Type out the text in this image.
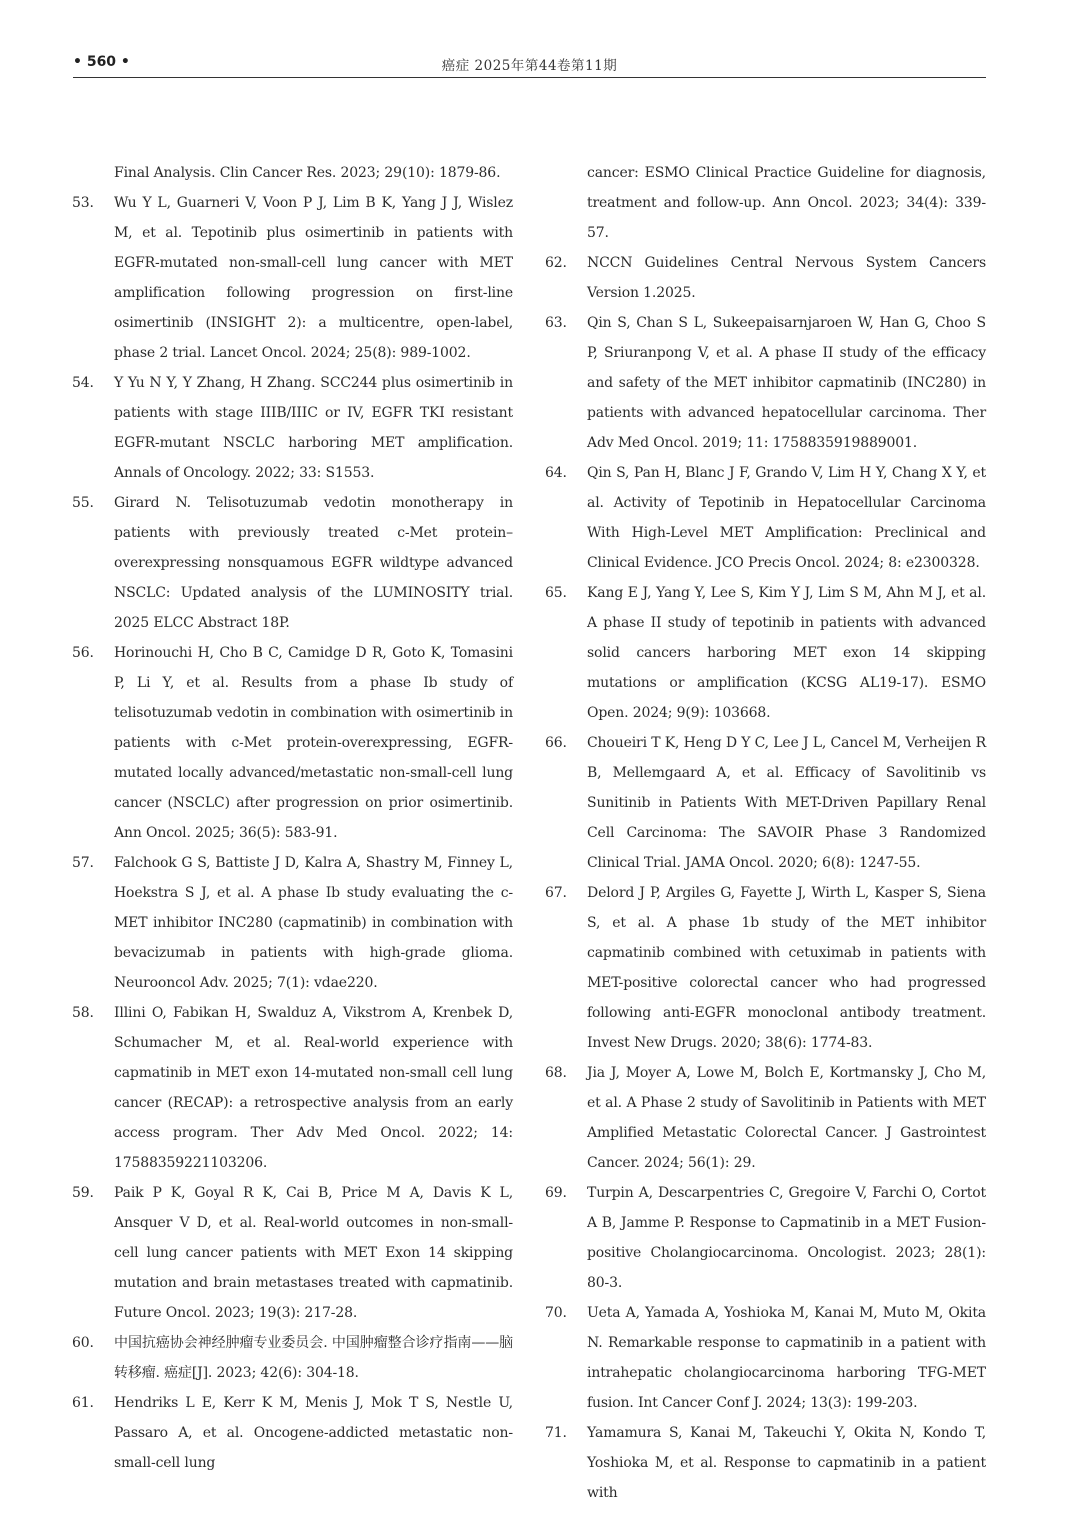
• 560 •	癌症 2025年第44卷第11期
Final Analysis. Clin Cancer Res. 2023; 29(10): 1879-86.
53.	Wu Y L, Guarneri V, Voon P J, Lim B K, Yang J J, Wislez M, et al. Tepotinib plus osimertinib in patients with EGFR-mutated non-small-cell lung cancer with MET amplification following progression on first-line osimertinib (INSIGHT 2): a multicentre, open-label, phase 2 trial. Lancet Oncol. 2024; 25(8): 989-1002.
54.	Y Yu N Y, Y Zhang, H Zhang. SCC244 plus osimertinib in patients with stage IIIB/IIIC or IV, EGFR TKI resistant EGFR-mutant NSCLC harboring MET amplification. Annals of Oncology. 2022; 33: S1553.
55.	Girard N. Telisotuzumab vedotin monotherapy in patients with previously treated c-Met protein–overexpressing nonsquamous EGFR wildtype advanced NSCLC: Updated analysis of the LUMINOSITY trial. 2025 ELCC Abstract 18P.
56.	Horinouchi H, Cho B C, Camidge D R, Goto K, Tomasini P, Li Y, et al. Results from a phase Ib study of telisotuzumab vedotin in combination with osimertinib in patients with c-Met protein-overexpressing, EGFR-mutated locally advanced/metastatic non-small-cell lung cancer (NSCLC) after progression on prior osimertinib. Ann Oncol. 2025; 36(5): 583-91.
57.	Falchook G S, Battiste J D, Kalra A, Shastry M, Finney L, Hoekstra S J, et al. A phase Ib study evaluating the c-MET inhibitor INC280 (capmatinib) in combination with bevacizumab in patients with high-grade glioma. Neurooncol Adv. 2025; 7(1): vdae220.
58.	Illini O, Fabikan H, Swalduz A, Vikstrom A, Krenbek D, Schumacher M, et al. Real-world experience with capmatinib in MET exon 14-mutated non-small cell lung cancer (RECAP): a retrospective analysis from an early access program. Ther Adv Med Oncol. 2022; 14: 17588359221103206.
59.	Paik P K, Goyal R K, Cai B, Price M A, Davis K L, Ansquer V D, et al. Real-world outcomes in non-small-cell lung cancer patients with MET Exon 14 skipping mutation and brain metastases treated with capmatinib. Future Oncol. 2023; 19(3): 217-28.
60.	中国抗癌协会神经肿瘤专业委员会. 中国肿瘤整合诊疗指南——脑转移瘤. 癌症[J]. 2023; 42(6): 304-18.
61.	Hendriks L E, Kerr K M, Menis J, Mok T S, Nestle U, Passaro A, et al. Oncogene-addicted metastatic non-small-cell lung
cancer: ESMO Clinical Practice Guideline for diagnosis, treatment and follow-up. Ann Oncol. 2023; 34(4): 339-57.
62.	NCCN Guidelines Central Nervous System Cancers Version 1.2025.
63.	Qin S, Chan S L, Sukeepaisarnjaroen W, Han G, Choo S P, Sriuranpong V, et al. A phase II study of the efficacy and safety of the MET inhibitor capmatinib (INC280) in patients with advanced hepatocellular carcinoma. Ther Adv Med Oncol. 2019; 11: 1758835919889001.
64.	Qin S, Pan H, Blanc J F, Grando V, Lim H Y, Chang X Y, et al. Activity of Tepotinib in Hepatocellular Carcinoma With High-Level MET Amplification: Preclinical and Clinical Evidence. JCO Precis Oncol. 2024; 8: e2300328.
65.	Kang E J, Yang Y, Lee S, Kim Y J, Lim S M, Ahn M J, et al. A phase II study of tepotinib in patients with advanced solid cancers harboring MET exon 14 skipping mutations or amplification (KCSG AL19-17). ESMO Open. 2024; 9(9): 103668.
66.	Choueiri T K, Heng D Y C, Lee J L, Cancel M, Verheijen R B, Mellemgaard A, et al. Efficacy of Savolitinib vs Sunitinib in Patients With MET-Driven Papillary Renal Cell Carcinoma: The SAVOIR Phase 3 Randomized Clinical Trial. JAMA Oncol. 2020; 6(8): 1247-55.
67.	Delord J P, Argiles G, Fayette J, Wirth L, Kasper S, Siena S, et al. A phase 1b study of the MET inhibitor capmatinib combined with cetuximab in patients with MET-positive colorectal cancer who had progressed following anti-EGFR monoclonal antibody treatment. Invest New Drugs. 2020; 38(6): 1774-83.
68.	Jia J, Moyer A, Lowe M, Bolch E, Kortmansky J, Cho M, et al. A Phase 2 study of Savolitinib in Patients with MET Amplified Metastatic Colorectal Cancer. J Gastrointest Cancer. 2024; 56(1): 29.
69.	Turpin A, Descarpentries C, Gregoire V, Farchi O, Cortot A B, Jamme P. Response to Capmatinib in a MET Fusion-positive Cholangiocarcinoma. Oncologist. 2023; 28(1): 80-3.
70.	Ueta A, Yamada A, Yoshioka M, Kanai M, Muto M, Okita N. Remarkable response to capmatinib in a patient with intrahepatic cholangiocarcinoma harboring TFG-MET fusion. Int Cancer Conf J. 2024; 13(3): 199-203.
71.	Yamamura S, Kanai M, Takeuchi Y, Okita N, Kondo T, Yoshioka M, et al. Response to capmatinib in a patient with
